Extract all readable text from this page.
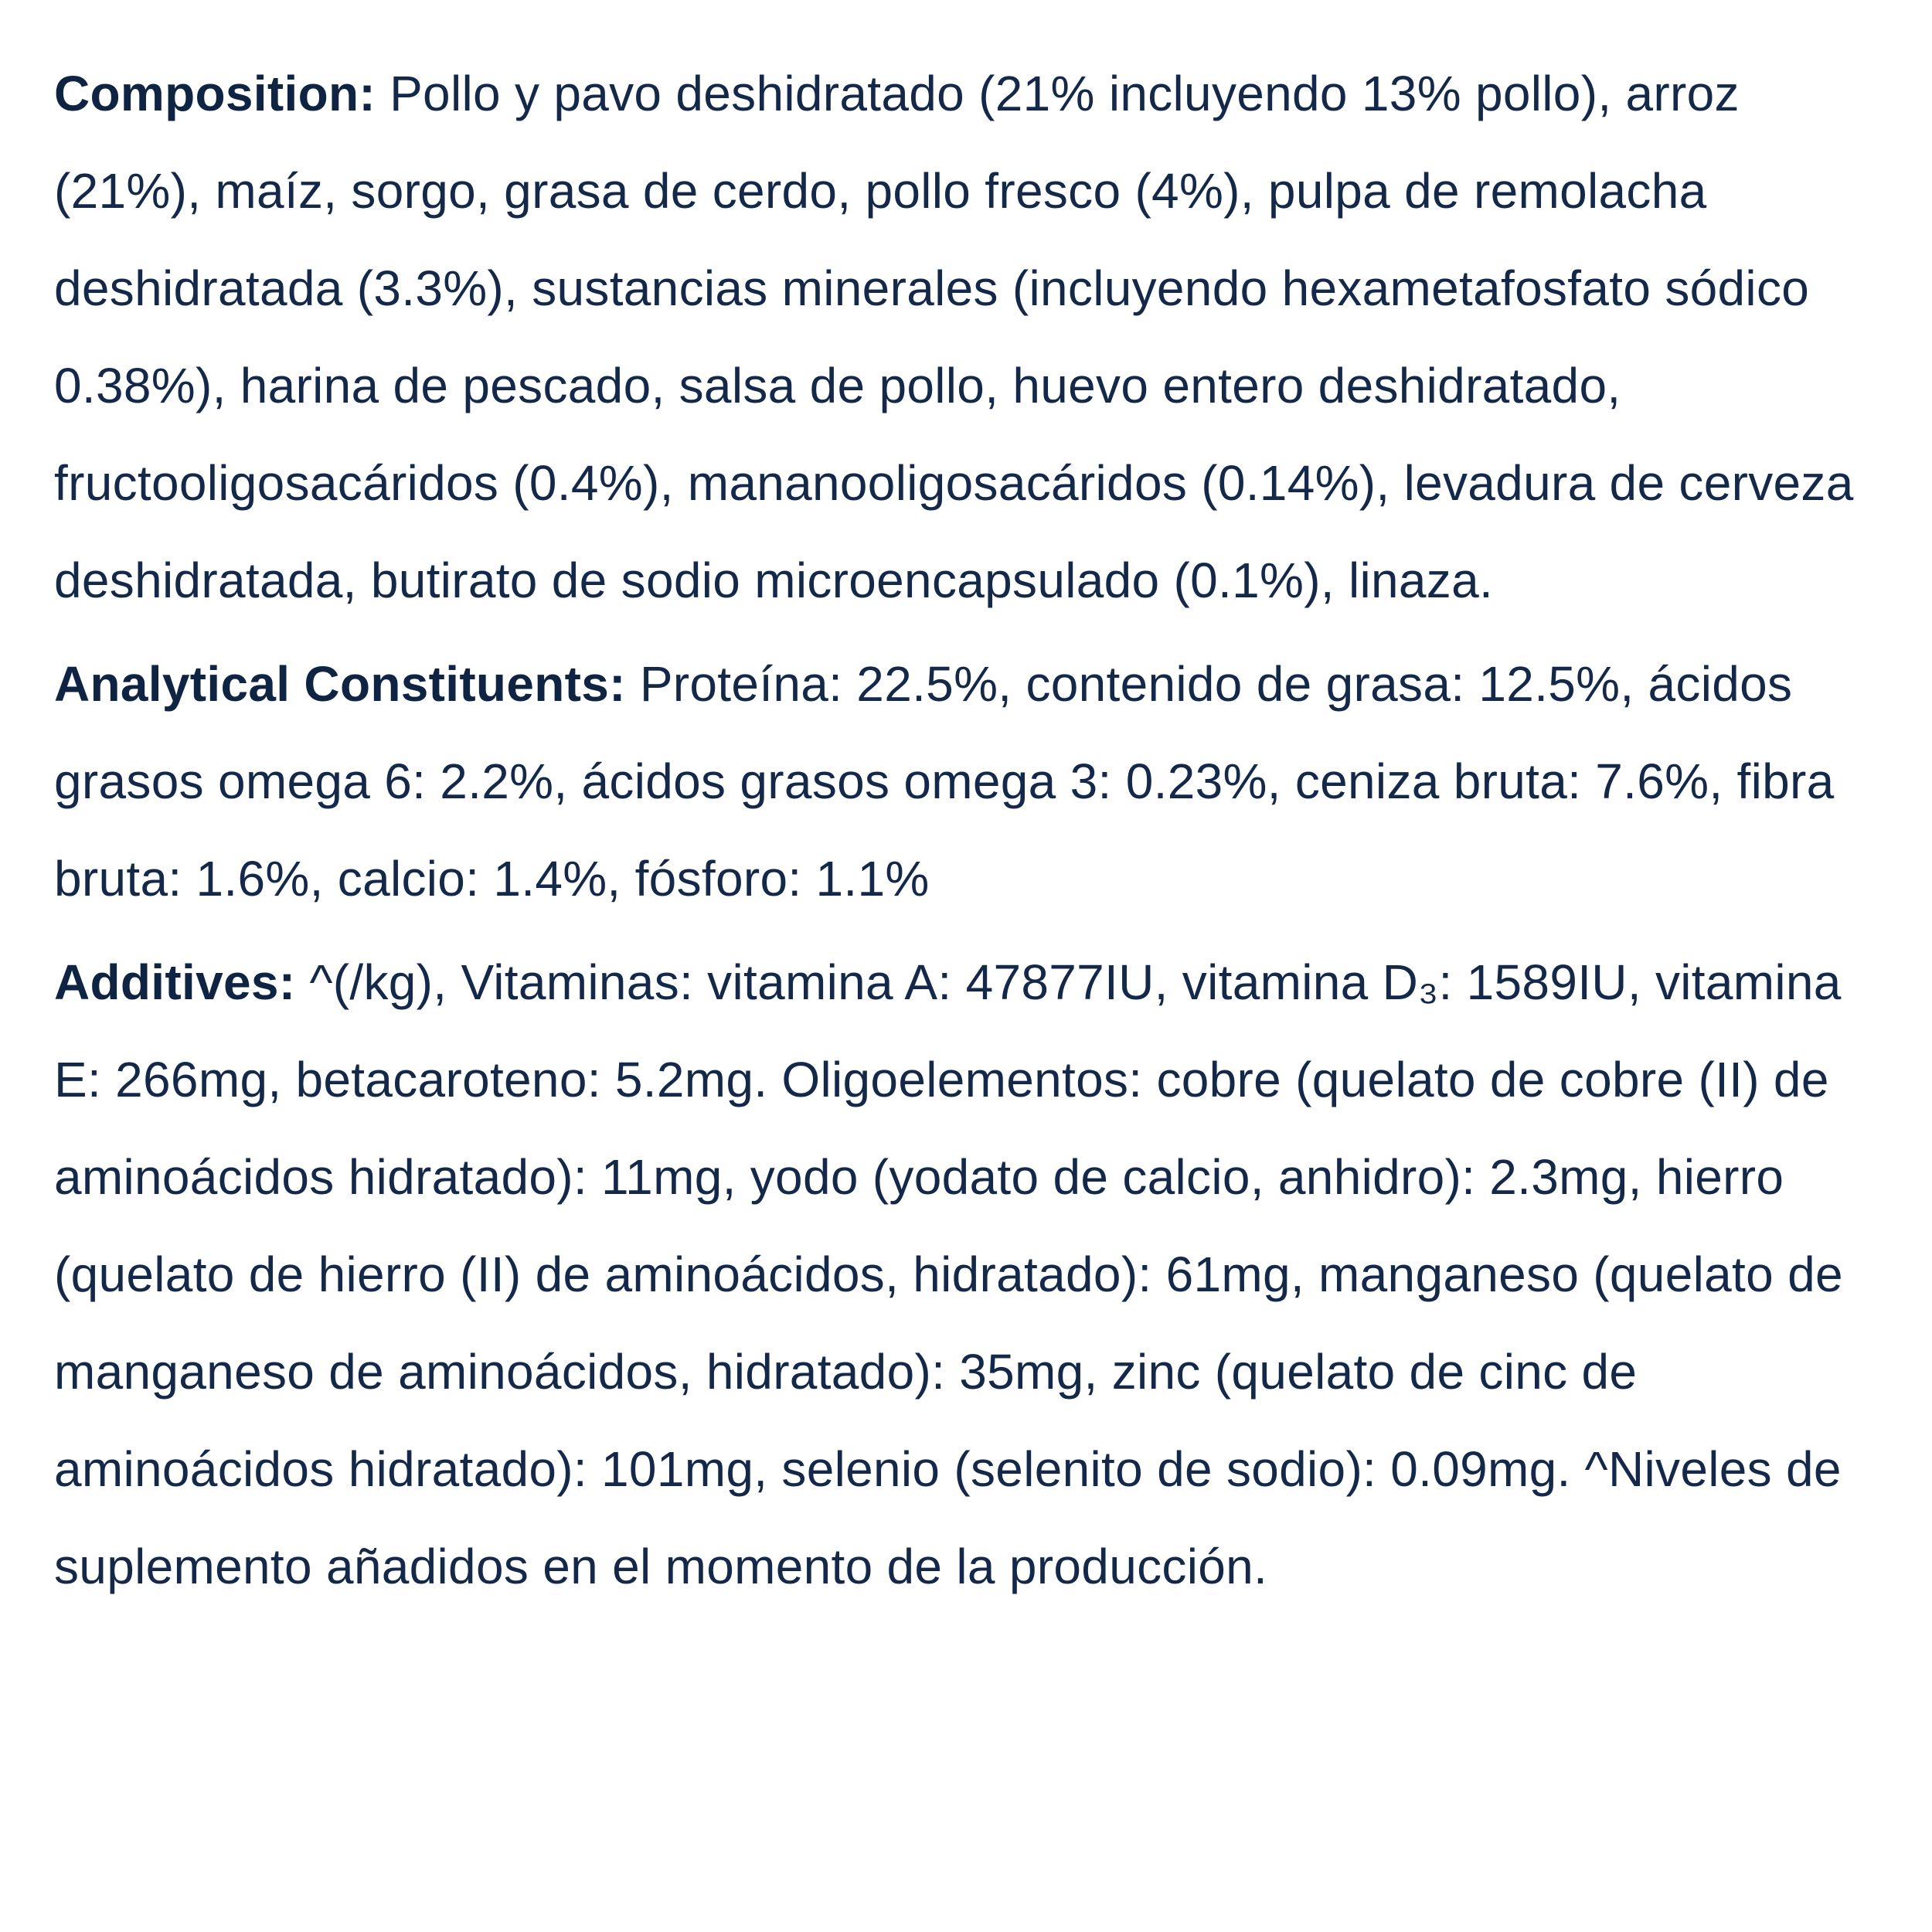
Composition: Pollo y pavo deshidratado (21% incluyendo 13% pollo), arroz (21%), maíz, sorgo, grasa de cerdo, pollo fresco (4%), pulpa de remolacha deshidratada (3.3%), sustancias minerales (incluyendo hexametafosfato sódico 0.38%), harina de pescado, salsa de pollo, huevo entero deshidratado, fructooligosacáridos (0.4%), mananooligosacáridos (0.14%), levadura de cerveza deshidratada, butirato de sodio microencapsulado (0.1%), linaza.

Analytical Constituents: Proteína: 22.5%, contenido de grasa: 12.5%, ácidos grasos omega 6: 2.2%, ácidos grasos omega 3: 0.23%, ceniza bruta: 7.6%, fibra bruta: 1.6%, calcio: 1.4%, fósforo: 1.1%

Additives: ^(/kg), Vitaminas: vitamina A: 47877IU, vitamina D₃: 1589IU, vitamina E: 266mg, betacaroteno: 5.2mg. Oligoelementos: cobre (quelato de cobre (II) de aminoácidos hidratado): 11mg, yodo (yodato de calcio, anhidro): 2.3mg, hierro (quelato de hierro (II) de aminoácidos, hidratado): 61mg, manganeso (quelato de manganeso de aminoácidos, hidratado): 35mg, zinc (quelato de cinc de aminoácidos hidratado): 101mg, selenio (selenito de sodio): 0.09mg. ^Niveles de suplemento añadidos en el momento de la producción.
